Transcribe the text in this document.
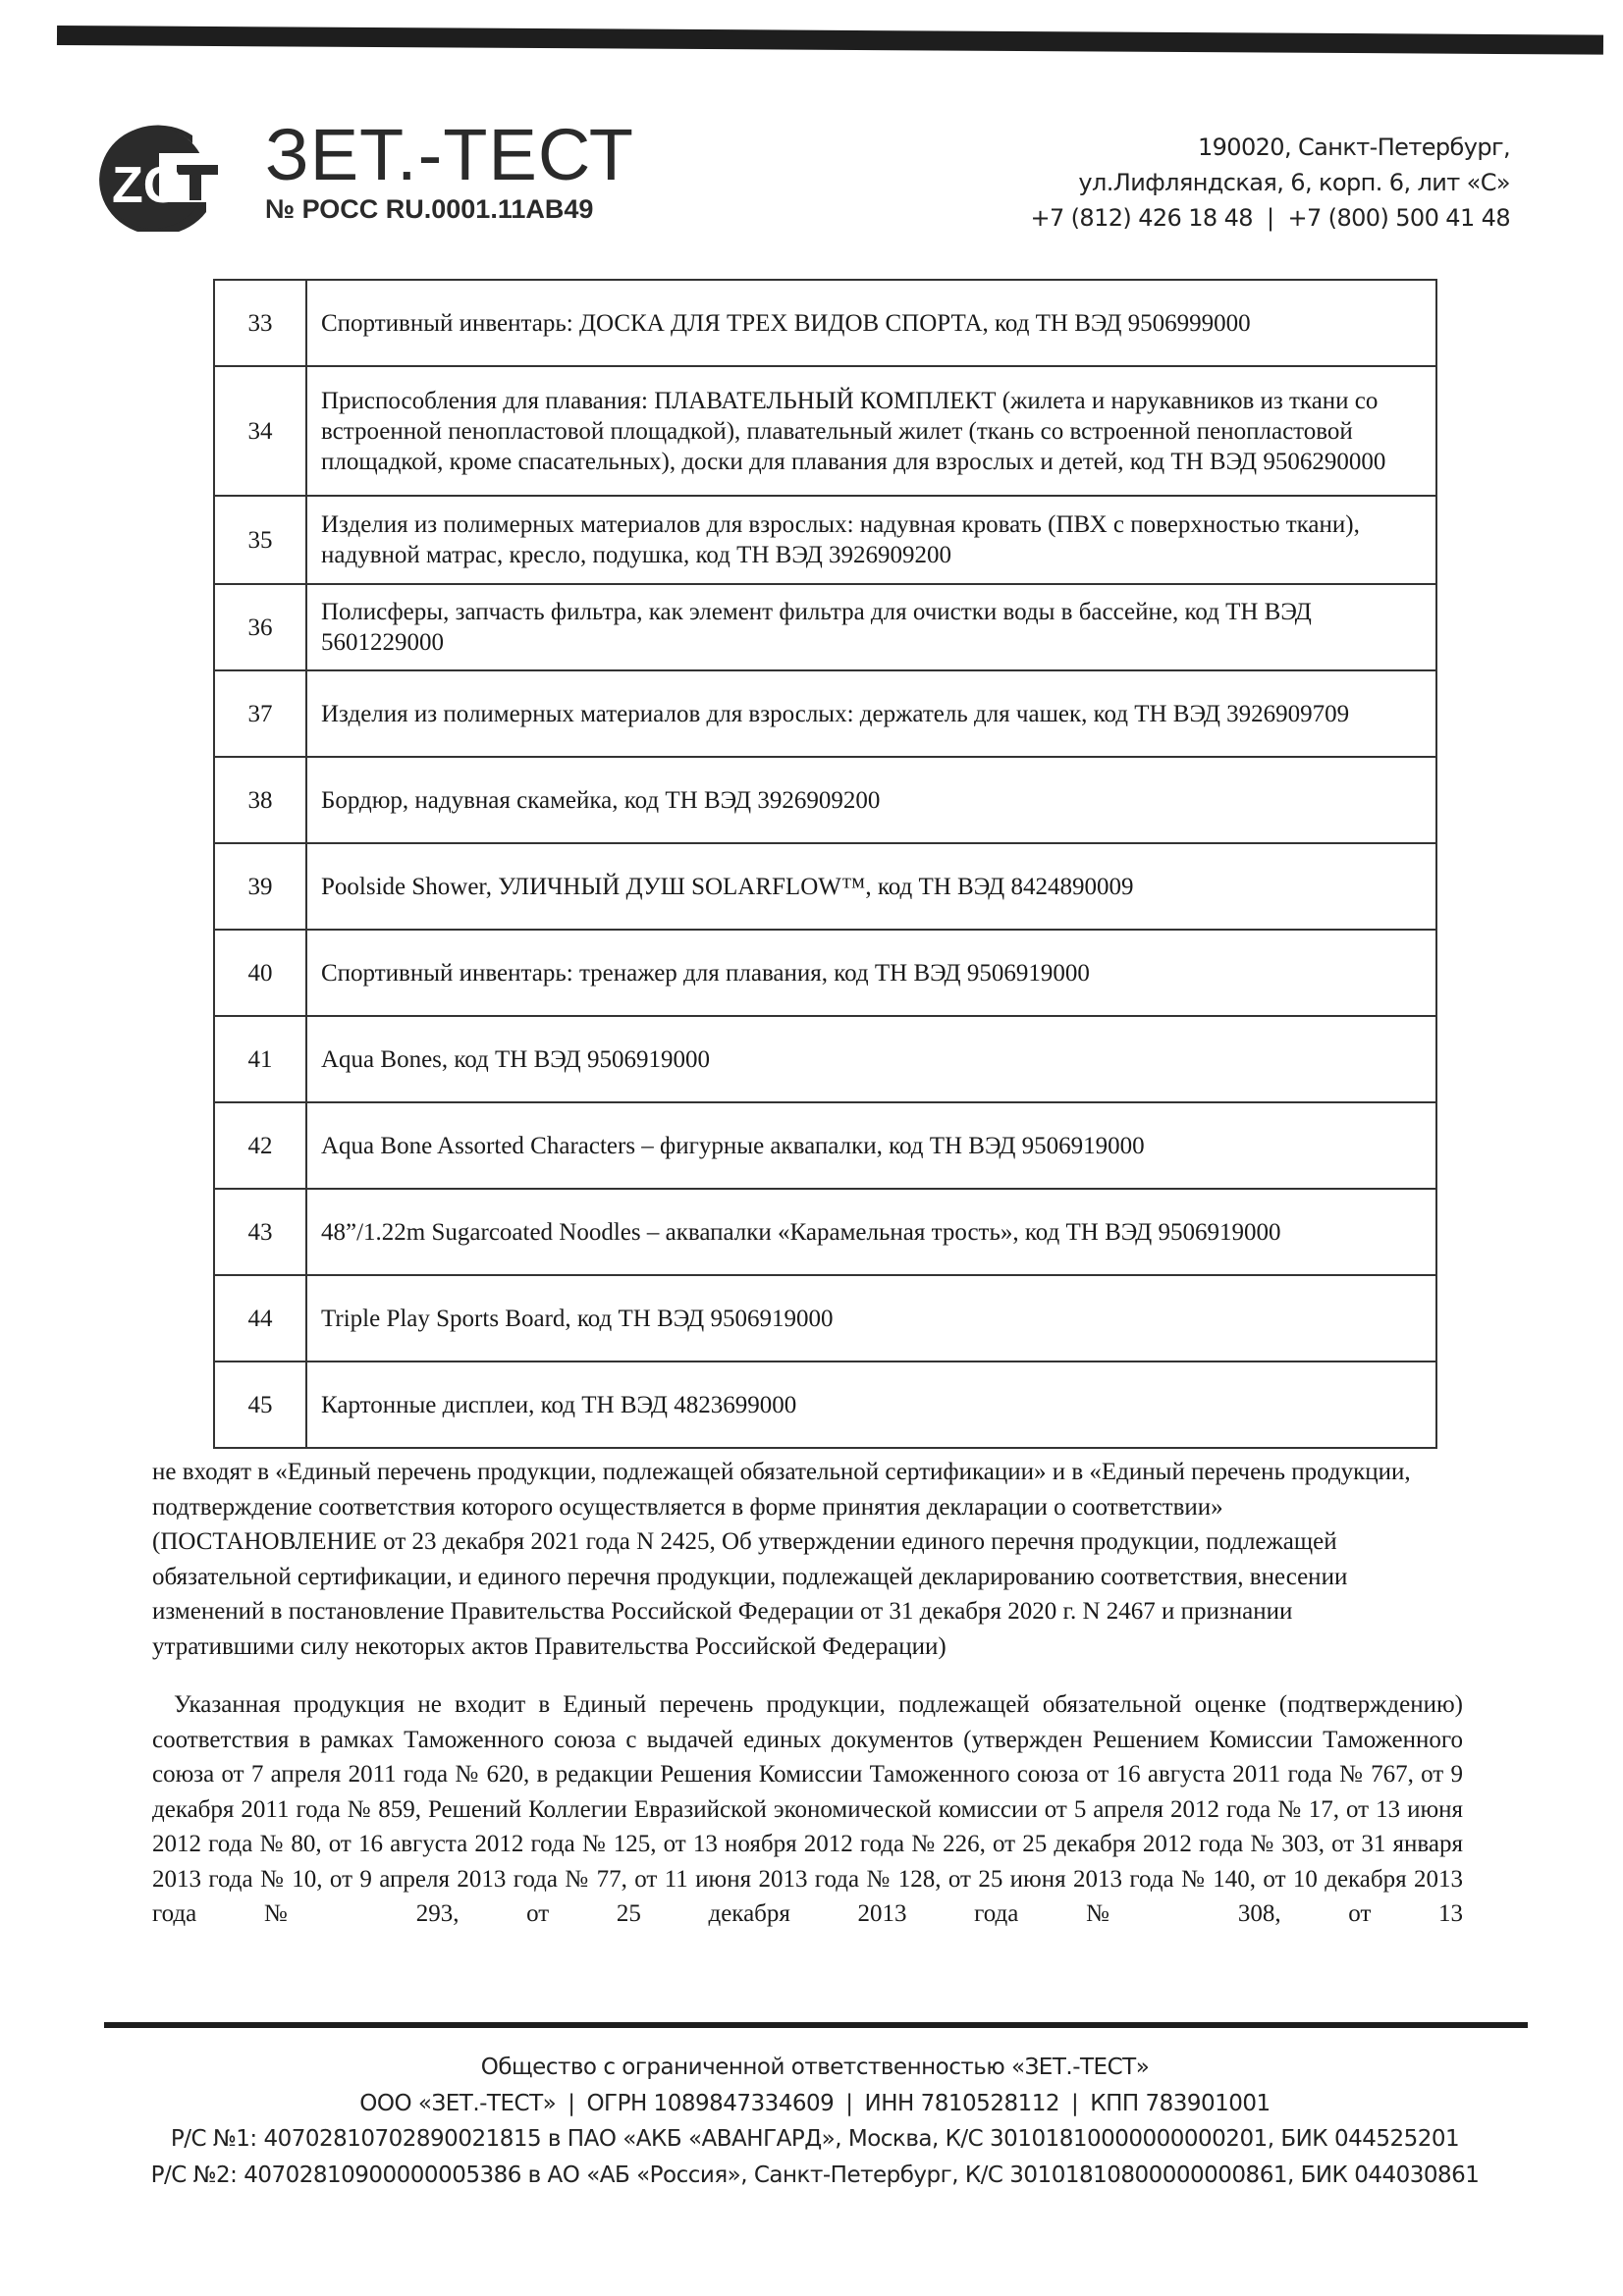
ZG ЗЕТ.-ТЕСТ
№ РОСС RU.0001.11АВ49
190020, Санкт-Петербург,
ул.Лифляндская, 6, корп. 6, лит «С»
+7 (812) 426 18 48 | +7 (800) 500 41 48
33	Спортивный инвентарь: ДОСКА ДЛЯ ТРЕХ ВИДОВ СПОРТА, код ТН ВЭД 9506999000
34	Приспособления для плавания: ПЛАВАТЕЛЬНЫЙ КОМПЛЕКТ (жилета и нарукавников из ткани со встроенной пенопластовой площадкой), плавательный жилет (ткань со встроенной пенопластовой площадкой, кроме спасательных), доски для плавания для взрослых и детей, код ТН ВЭД 9506290000
35	Изделия из полимерных материалов для взрослых: надувная кровать (ПВХ с поверхностью ткани), надувной матрас, кресло, подушка, код ТН ВЭД 3926909200
36	Полисферы, запчасть фильтра, как элемент фильтра для очистки воды в бассейне, код ТН ВЭД 5601229000
37	Изделия из полимерных материалов для взрослых: держатель для чашек, код ТН ВЭД 3926909709
38	Бордюр, надувная скамейка, код ТН ВЭД 3926909200
39	Poolside Shower, УЛИЧНЫЙ ДУШ SOLARFLOW™, код ТН ВЭД 8424890009
40	Спортивный инвентарь: тренажер для плавания, код ТН ВЭД 9506919000
41	Aqua Bones, код ТН ВЭД 9506919000
42	Aqua Bone Assorted Characters – фигурные аквапалки, код ТН ВЭД 9506919000
43	48”/1.22m Sugarcoated Noodles – аквапалки «Карамельная трость», код ТН ВЭД 9506919000
44	Triple Play Sports Board, код ТН ВЭД 9506919000
45	Картонные дисплеи, код ТН ВЭД 4823699000
не входят в «Единый перечень продукции, подлежащей обязательной сертификации» и в «Единый перечень продукции,
подтверждение соответствия которого осуществляется в форме принятия декларации о соответствии»
(ПОСТАНОВЛЕНИЕ от 23 декабря 2021 года N 2425, Об утверждении единого перечня продукции, подлежащей
обязательной сертификации, и единого перечня продукции, подлежащей декларированию соответствия, внесении
изменений в постановление Правительства Российской Федерации от 31 декабря 2020 г. N 2467 и признании
утратившими силу некоторых актов Правительства Российской Федерации)
Указанная продукция не входит в Единый перечень продукции, подлежащей обязательной оценке (подтверждению) соответствия в рамках Таможенного союза с выдачей единых документов (утвержден Решением Комиссии Таможенного союза от 7 апреля 2011 года № 620, в редакции Решения Комиссии Таможенного союза от 16 августа 2011 года № 767, от 9 декабря 2011 года № 859, Решений Коллегии Евразийской экономической комиссии от 5 апреля 2012 года № 17, от 13 июня 2012 года № 80, от 16 августа 2012 года № 125, от 13 ноября 2012 года № 226, от 25 декабря 2012 года № 303, от 31 января 2013 года № 10, от 9 апреля 2013 года № 77, от 11 июня 2013 года № 128, от 25 июня 2013 года № 140, от 10 декабря 2013 года № 293, от 25 декабря 2013 года № 308, от 13
Общество с ограниченной ответственностью «ЗЕТ.-ТЕСТ»
ООО «ЗЕТ.-ТЕСТ» | ОГРН 1089847334609 | ИНН 7810528112 | КПП 783901001
Р/С №1: 40702810702890021815 в ПАО «АКБ «АВАНГАРД», Москва, К/С 30101810000000000201, БИК 044525201
Р/С №2: 40702810900000005386 в АО «АБ «Россия», Санкт-Петербург, К/С 30101810800000000861, БИК 044030861
